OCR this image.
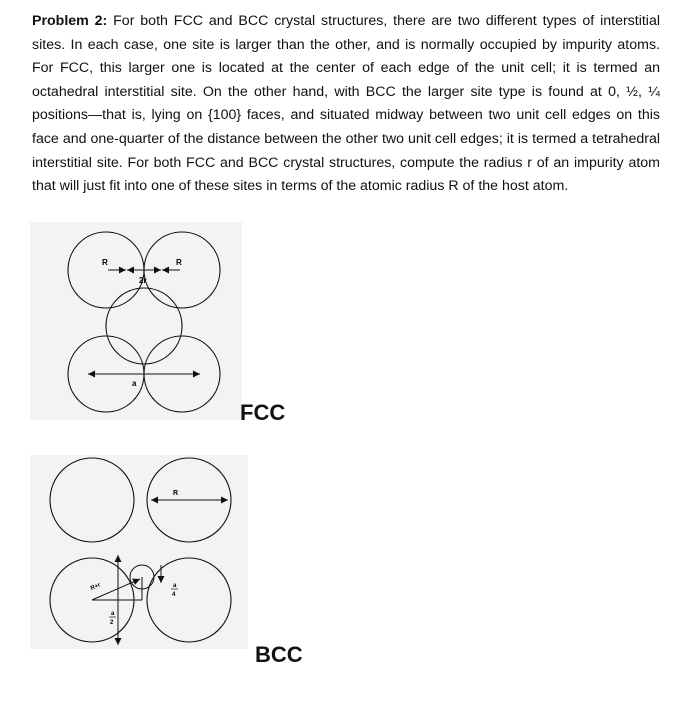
Problem 2: For both FCC and BCC crystal structures, there are two different types of interstitial sites. In each case, one site is larger than the other, and is normally occupied by impurity atoms. For FCC, this larger one is located at the center of each edge of the unit cell; it is termed an octahedral interstitial site. On the other hand, with BCC the larger site type is found at 0, ½, ¼ positions—that is, lying on {100} faces, and situated midway between two unit cell edges on this face and one-quarter of the distance between the other two unit cell edges; it is termed a tetrahedral interstitial site. For both FCC and BCC crystal structures, compute the radius r of an impurity atom that will just fit into one of these sites in terms of the atomic radius R of the host atom.

R	R
2r
a
FCC
R
R+r
a
2
a
4
BCC
